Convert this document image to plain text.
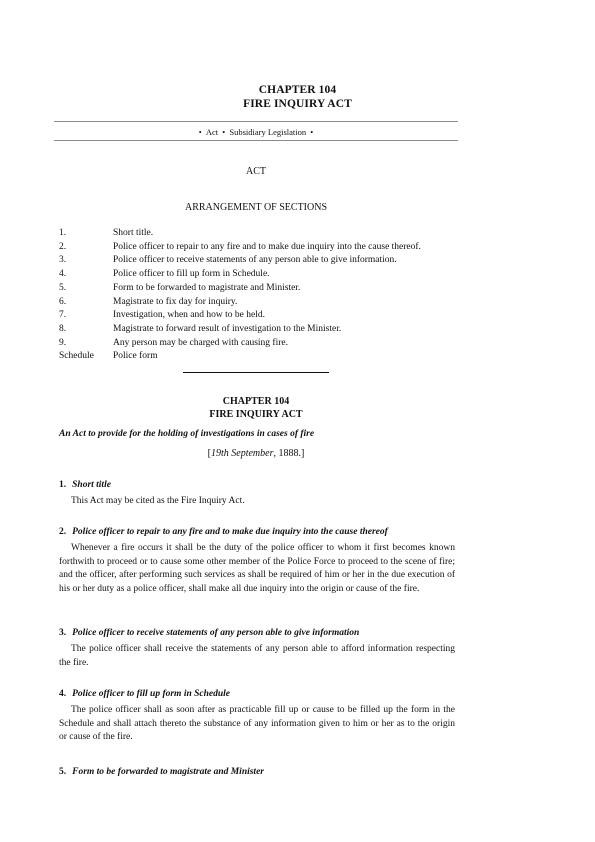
CHAPTER 104
FIRE INQUIRY ACT
• Act • Subsidiary Legislation •
ACT
ARRANGEMENT OF SECTIONS
1.	Short title.
2.	Police officer to repair to any fire and to make due inquiry into the cause thereof.
3.	Police officer to receive statements of any person able to give information.
4.	Police officer to fill up form in Schedule.
5.	Form to be forwarded to magistrate and Minister.
6.	Magistrate to fix day for inquiry.
7.	Investigation, when and how to be held.
8.	Magistrate to forward result of investigation to the Minister.
9.	Any person may be charged with causing fire.
Schedule Police form
CHAPTER 104
FIRE INQUIRY ACT
An Act to provide for the holding of investigations in cases of fire
[19th September, 1888.]
1. Short title

This Act may be cited as the Fire Inquiry Act.

2. Police officer to repair to any fire and to make due inquiry into the cause thereof

Whenever a fire occurs it shall be the duty of the police officer to whom it first becomes known forthwith to proceed or to cause some other member of the Police Force to proceed to the scene of fire; and the officer, after performing such services as shall be required of him or her in the due execution of his or her duty as a police officer, shall make all due inquiry into the origin or cause of the fire.

3. Police officer to receive statements of any person able to give information

The police officer shall receive the statements of any person able to afford information respecting the fire.

4. Police officer to fill up form in Schedule

The police officer shall as soon after as practicable fill up or cause to be filled up the form in the Schedule and shall attach thereto the substance of any information given to him or her as to the origin or cause of the fire.

5. Form to be forwarded to magistrate and Minister
